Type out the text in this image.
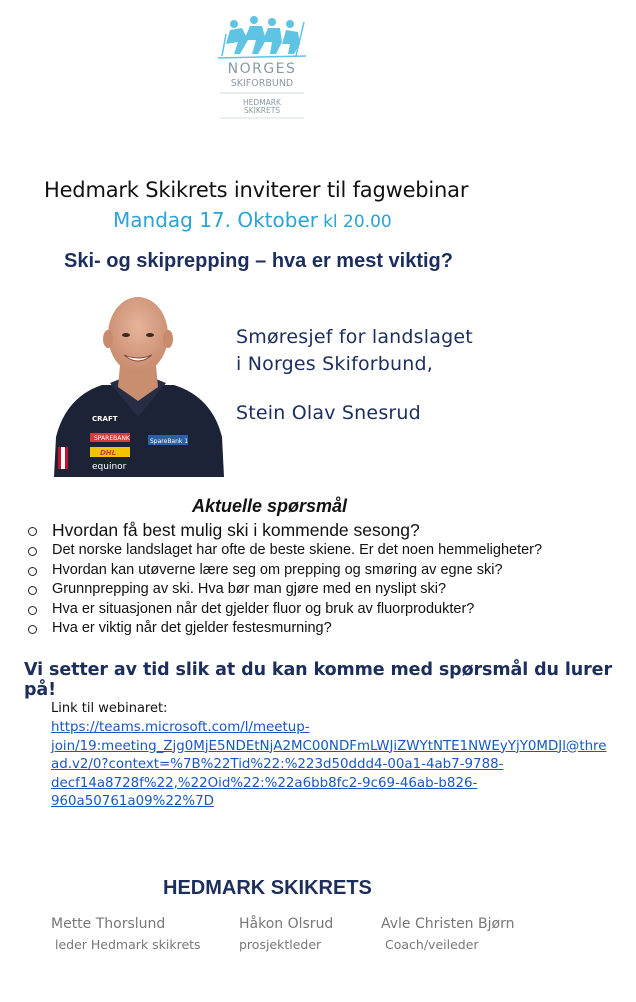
NORGES
SKIFORBUND
HEDMARK
SKIKRETS
Hedmark Skikrets inviterer til fagwebinar
Mandag 17. Oktober kl 20.00
Ski- og skiprepping – hva er mest viktig?
CRAFT
SPAREBANK
DHL
equinor
SpareBank 1
Smøresjef for landslaget
i Norges Skiforbund,
Stein Olav Snesrud
Aktuelle spørsmål
Hvordan få best mulig ski i kommende sesong?
Det norske landslaget har ofte de beste skiene. Er det noen hemmeligheter?
Hvordan kan utøverne lære seg om prepping og smøring av egne ski?
Grunnprepping av ski. Hva bør man gjøre med en nyslipt ski?
Hva er situasjonen når det gjelder fluor og bruk av fluorprodukter?
Hva er viktig når det gjelder festesmurning?
Vi setter av tid slik at du kan komme med spørsmål du lurer på!
Link til webinaret:
https://teams.microsoft.com/l/meetup-
join/19:meeting_Zjg0MjE5NDEtNjA2MC00NDFmLWJiZWYtNTE1NWEyYjY0MDJl@thre
ad.v2/0?context=%7B%22Tid%22:%223d50ddd4-00a1-4ab7-9788-
decf14a8728f%22,%22Oid%22:%22a6bb8fc2-9c69-46ab-b826-
960a50761a09%22%7D
HEDMARK SKIKRETS
Mette Thorslund
leder Hedmark skikrets
Håkon Olsrud
prosjektleder
Avle Christen Bjørn
Coach/veileder
